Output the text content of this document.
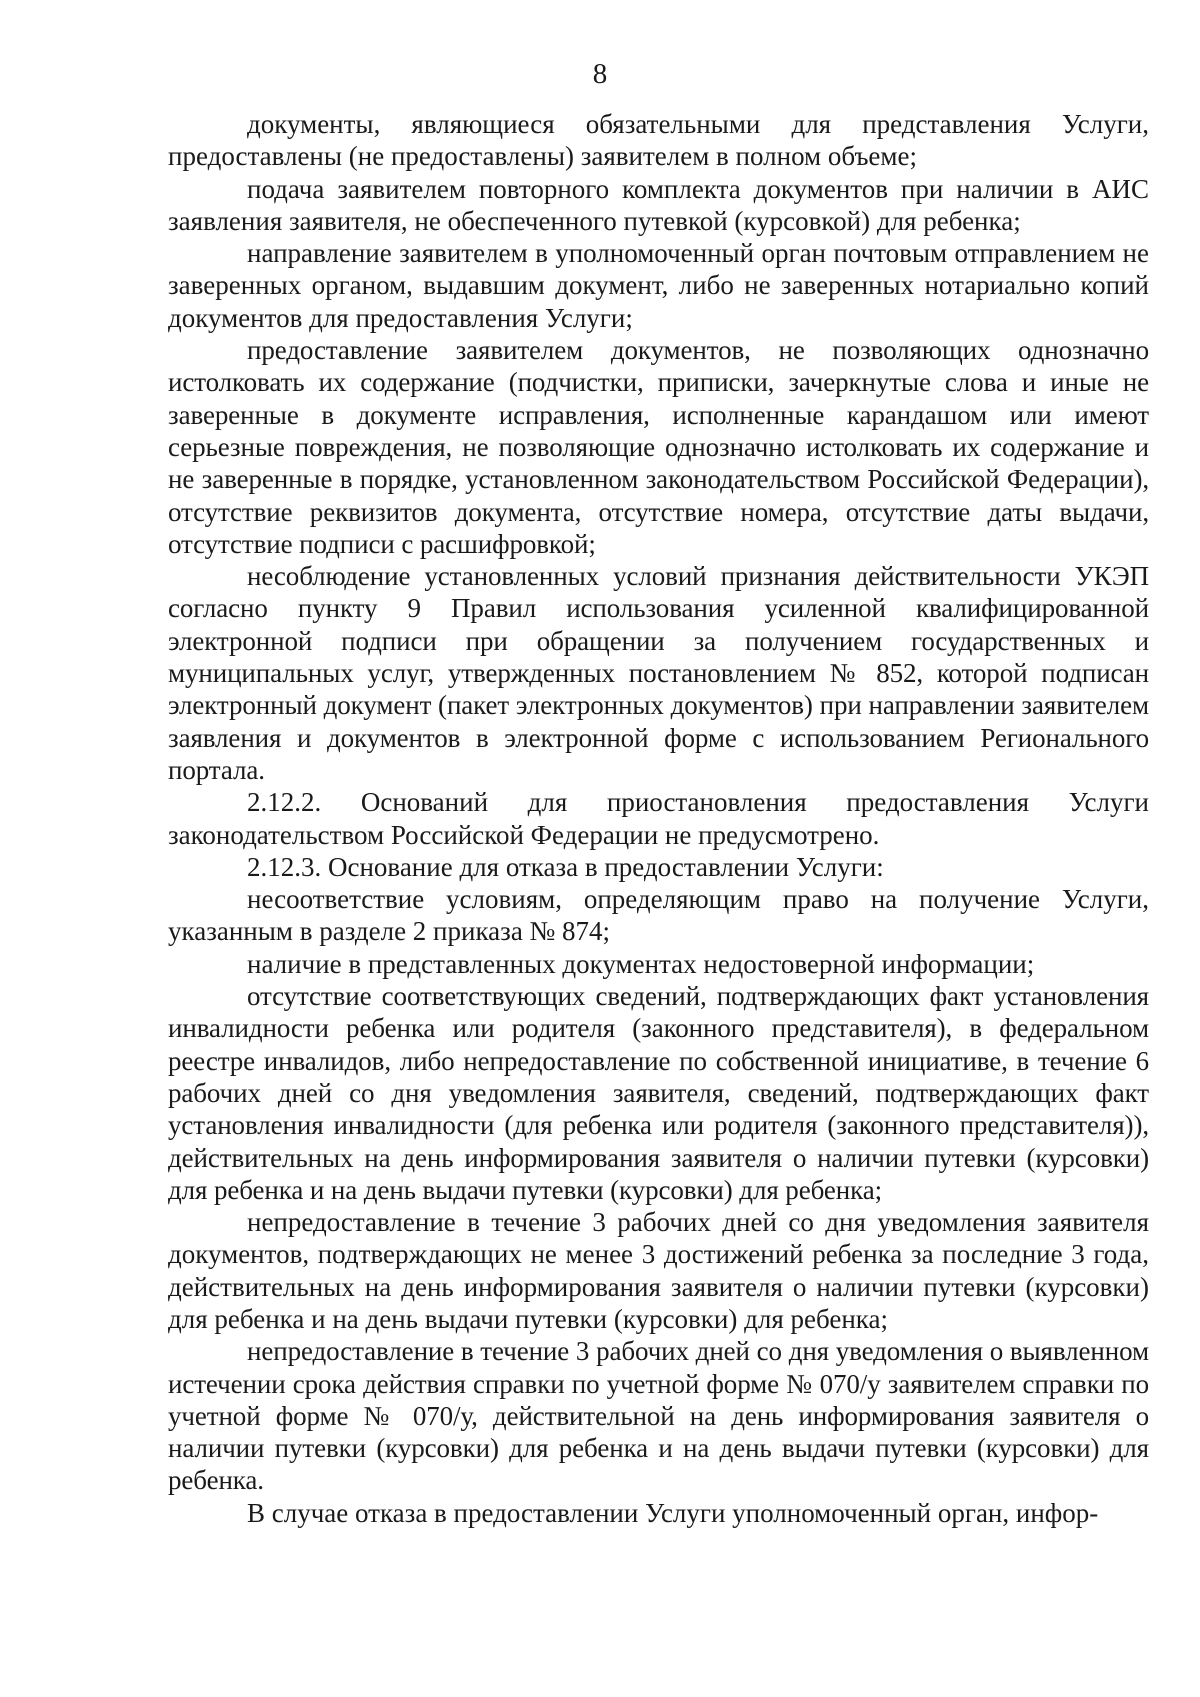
8

документы, являющиеся обязательными для представления Услуги, предоставлены (не предоставлены) заявителем в полном объеме;

подача заявителем повторного комплекта документов при наличии в АИС заявления заявителя, не обеспеченного путевкой (курсовкой) для ребенка;

направление заявителем в уполномоченный орган почтовым отправлением не заверенных органом, выдавшим документ, либо не заверенных нотариально копий документов для предоставления Услуги;

предоставление заявителем документов, не позволяющих однозначно истолковать их содержание (подчистки, приписки, зачеркнутые слова и иные не заверенные в документе исправления, исполненные карандашом или имеют серьезные повреждения, не позволяющие однозначно истолковать их содержание и не заверенные в порядке, установленном законодательством Российской Федерации), отсутствие реквизитов документа, отсутствие номера, отсутствие даты выдачи, отсутствие подписи с расшифровкой;

несоблюдение установленных условий признания действительности УКЭП согласно пункту 9 Правил использования усиленной квалифицированной электронной подписи при обращении за получением государственных и муниципальных услуг, утвержденных постановлением № 852, которой подписан электронный документ (пакет электронных документов) при направлении заявителем заявления и документов в электронной форме с использованием Регионального портала.

2.12.2. Оснований для приостановления предоставления Услуги законодательством Российской Федерации не предусмотрено.

2.12.3. Основание для отказа в предоставлении Услуги:

несоответствие условиям, определяющим право на получение Услуги, указанным в разделе 2 приказа № 874;

наличие в представленных документах недостоверной информации;

отсутствие соответствующих сведений, подтверждающих факт установления инвалидности ребенка или родителя (законного представителя), в федеральном реестре инвалидов, либо непредоставление по собственной инициативе, в течение 6 рабочих дней со дня уведомления заявителя, сведений, подтверждающих факт установления инвалидности (для ребенка или родителя (законного представителя)), действительных на день информирования заявителя о наличии путевки (курсовки) для ребенка и на день выдачи путевки (курсовки) для ребенка;

непредоставление в течение 3 рабочих дней со дня уведомления заявителя документов, подтверждающих не менее 3 достижений ребенка за последние 3 года, действительных на день информирования заявителя о наличии путевки (курсовки) для ребенка и на день выдачи путевки (курсовки) для ребенка;

непредоставление в течение 3 рабочих дней со дня уведомления о выявленном истечении срока действия справки по учетной форме № 070/у заявителем справки по учетной форме № 070/у, действительной на день информирования заявителя о наличии путевки (курсовки) для ребенка и на день выдачи путевки (курсовки) для ребенка.

В случае отказа в предоставлении Услуги уполномоченный орган, инфор-
